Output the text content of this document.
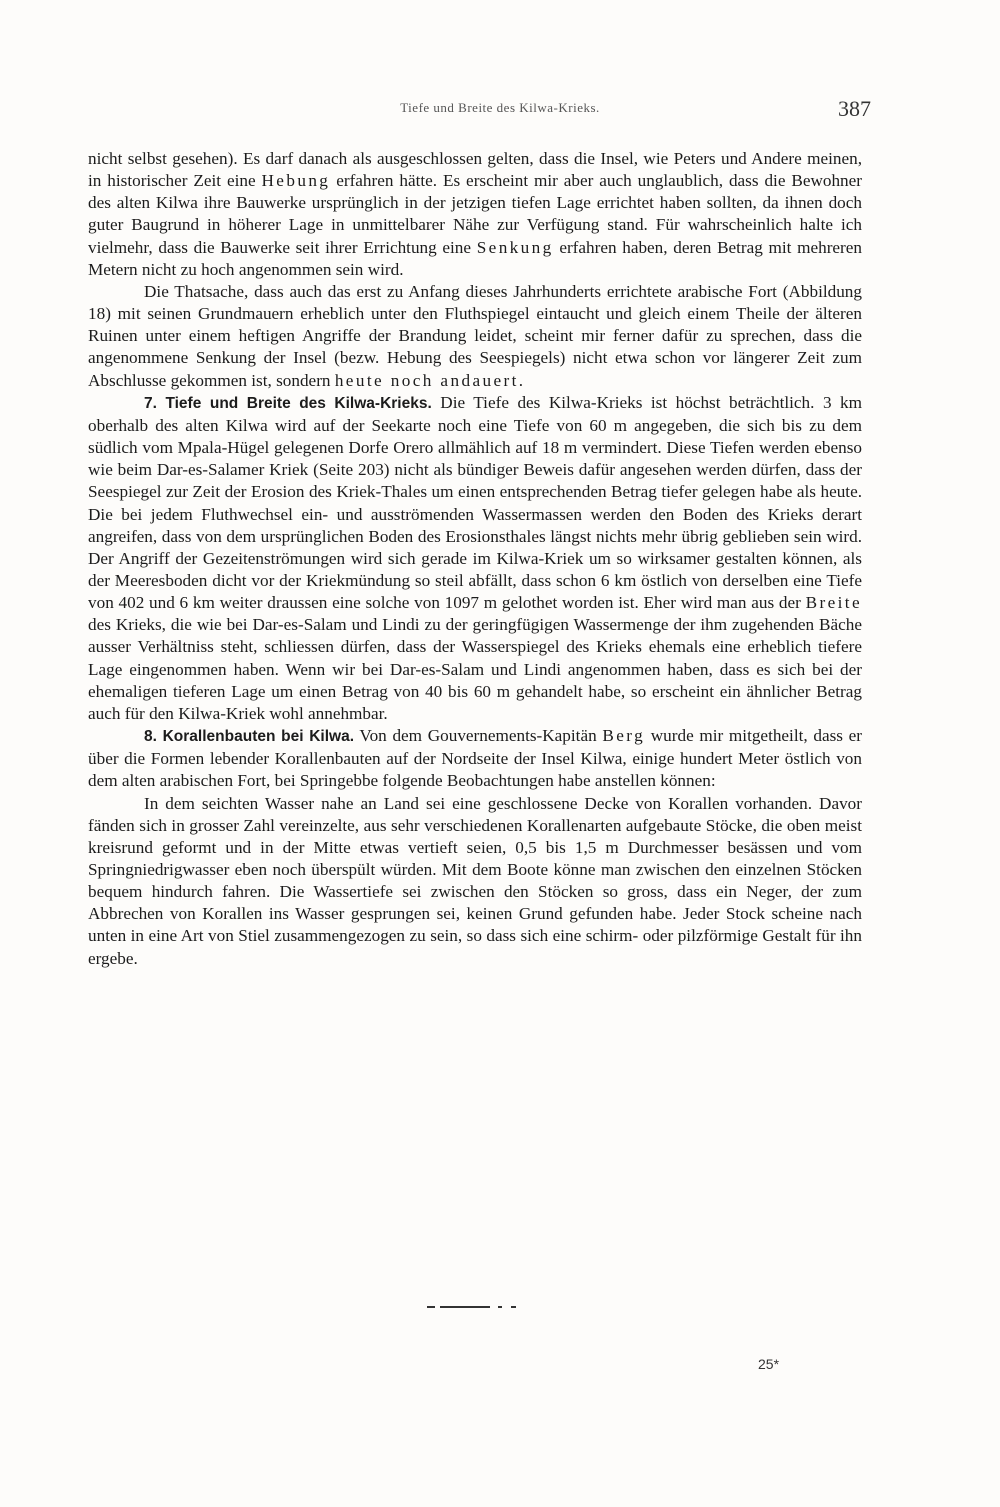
Tiefe und Breite des Kilwa-Krieks.	387

nicht selbst gesehen). Es darf danach als ausgeschlossen gelten, dass die Insel, wie Peters und Andere meinen, in historischer Zeit eine Hebung erfahren hätte. Es erscheint mir aber auch unglaublich, dass die Bewohner des alten Kilwa ihre Bauwerke ursprünglich in der jetzigen tiefen Lage errichtet haben sollten, da ihnen doch guter Baugrund in höherer Lage in unmittelbarer Nähe zur Verfügung stand. Für wahrscheinlich halte ich vielmehr, dass die Bauwerke seit ihrer Errichtung eine Senkung erfahren haben, deren Betrag mit mehreren Metern nicht zu hoch angenommen sein wird.

Die Thatsache, dass auch das erst zu Anfang dieses Jahrhunderts errichtete arabische Fort (Abbildung 18) mit seinen Grundmauern erheblich unter den Fluthspiegel eintaucht und gleich einem Theile der älteren Ruinen unter einem heftigen Angriffe der Brandung leidet, scheint mir ferner dafür zu sprechen, dass die angenommene Senkung der Insel (bezw. Hebung des Seespiegels) nicht etwa schon vor längerer Zeit zum Abschlusse gekommen ist, sondern heute noch andauert.

7. Tiefe und Breite des Kilwa-Krieks. Die Tiefe des Kilwa-Krieks ist höchst beträchtlich. 3 km oberhalb des alten Kilwa wird auf der Seekarte noch eine Tiefe von 60 m angegeben, die sich bis zu dem südlich vom Mpala-Hügel gelegenen Dorfe Orero allmählich auf 18 m vermindert. Diese Tiefen werden ebenso wie beim Dar-es-Salamer Kriek (Seite 203) nicht als bündiger Beweis dafür angesehen werden dürfen, dass der Seespiegel zur Zeit der Erosion des Kriek-Thales um einen entsprechenden Betrag tiefer gelegen habe als heute. Die bei jedem Fluthwechsel ein- und ausströmenden Wassermassen werden den Boden des Krieks derart angreifen, dass von dem ursprünglichen Boden des Erosionsthales längst nichts mehr übrig geblieben sein wird. Der Angriff der Gezeitenströmungen wird sich gerade im Kilwa-Kriek um so wirksamer gestalten können, als der Meeresboden dicht vor der Kriekmündung so steil abfällt, dass schon 6 km östlich von derselben eine Tiefe von 402 und 6 km weiter draussen eine solche von 1097 m gelothet worden ist. Eher wird man aus der Breite des Krieks, die wie bei Dar-es-Salam und Lindi zu der geringfügigen Wassermenge der ihm zugehenden Bäche ausser Verhältniss steht, schliessen dürfen, dass der Wasserspiegel des Krieks ehemals eine erheblich tiefere Lage eingenommen haben. Wenn wir bei Dar-es-Salam und Lindi angenommen haben, dass es sich bei der ehemaligen tieferen Lage um einen Betrag von 40 bis 60 m gehandelt habe, so erscheint ein ähnlicher Betrag auch für den Kilwa-Kriek wohl annehmbar.

8. Korallenbauten bei Kilwa. Von dem Gouvernements-Kapitän Berg wurde mir mitgetheilt, dass er über die Formen lebender Korallenbauten auf der Nordseite der Insel Kilwa, einige hundert Meter östlich von dem alten arabischen Fort, bei Springebbe folgende Beobachtungen habe anstellen können:

In dem seichten Wasser nahe an Land sei eine geschlossene Decke von Korallen vorhanden. Davor fänden sich in grosser Zahl vereinzelte, aus sehr verschiedenen Korallenarten aufgebaute Stöcke, die oben meist kreisrund geformt und in der Mitte etwas vertieft seien, 0,5 bis 1,5 m Durchmesser besässen und vom Springniedrigwasser eben noch überspült würden. Mit dem Boote könne man zwischen den einzelnen Stöcken bequem hindurch fahren. Die Wassertiefe sei zwischen den Stöcken so gross, dass ein Neger, der zum Abbrechen von Korallen ins Wasser gesprungen sei, keinen Grund gefunden habe. Jeder Stock scheine nach unten in eine Art von Stiel zusammengezogen zu sein, so dass sich eine schirm- oder pilzförmige Gestalt für ihn ergebe.

25*
